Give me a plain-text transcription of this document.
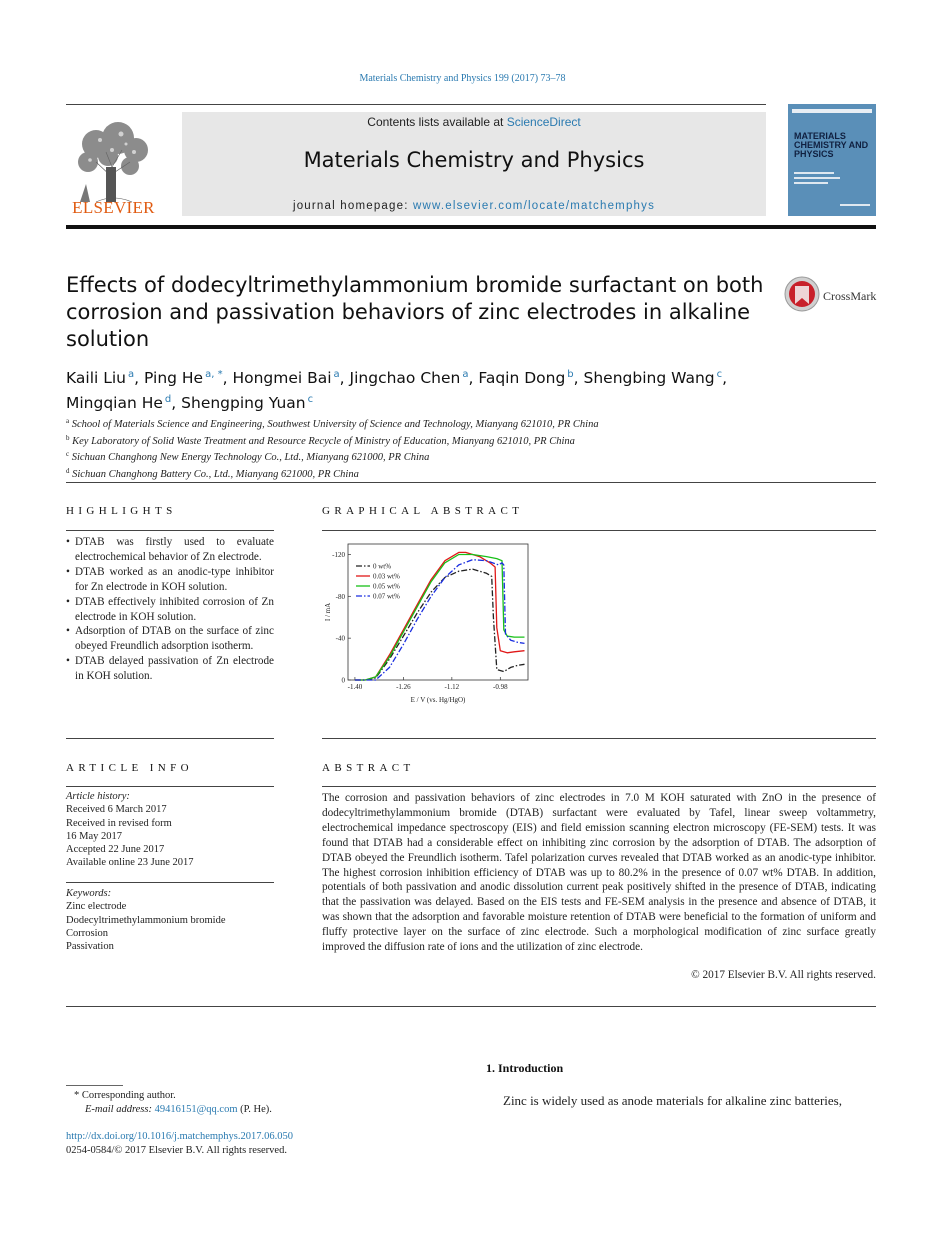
Materials Chemistry and Physics 199 (2017) 73–78
ELSEVIER
Contents lists available at ScienceDirect
Materials Chemistry and Physics
journal homepage: www.elsevier.com/locate/matchemphys
MATERIALS CHEMISTRY AND PHYSICS
Effects of dodecyltrimethylammonium bromide surfactant on both corrosion and passivation behaviors of zinc electrodes in alkaline solution
CrossMark
Kaili Liu $^a$, Ping He $^{a, *}$, Hongmei Bai $^a$, Jingchao Chen $^a$, Faqin Dong $^b$, Shengbing Wang $^c$,
Mingqian He $^d$, Shengping Yuan $^c$
$^a$ School of Materials Science and Engineering, Southwest University of Science and Technology, Mianyang 621010, PR China
$^b$ Key Laboratory of Solid Waste Treatment and Resource Recycle of Ministry of Education, Mianyang 621010, PR China
$^c$ Sichuan Changhong New Energy Technology Co., Ltd., Mianyang 621000, PR China
$^d$ Sichuan Changhong Battery Co., Ltd., Mianyang 621000, PR China
HIGHLIGHTS
• DTAB was firstly used to evaluate electrochemical behavior of Zn electrode.
• DTAB worked as an anodic-type inhibitor for Zn electrode in KOH solution.
• DTAB effectively inhibited corrosion of Zn electrode in KOH solution.
• Adsorption of DTAB on the surface of zinc obeyed Freundlich adsorption isotherm.
• DTAB delayed passivation of Zn electrode in KOH solution.
GRAPHICAL ABSTRACT
-1.40	-1.26	-1.12	-0.98
0
-40
-80
-120
E / V (vs. Hg/HgO)
I / mA
0 wt%
0.03 wt%
0.05 wt%
0.07 wt%
ARTICLE INFO
Article history:
Received 6 March 2017
Received in revised form
16 May 2017
Accepted 22 June 2017
Available online 23 June 2017
Keywords:
Zinc electrode
Dodecyltrimethylammonium bromide
Corrosion
Passivation
ABSTRACT

The corrosion and passivation behaviors of zinc electrodes in 7.0 M KOH saturated with ZnO in the presence of dodecyltrimethylammonium bromide (DTAB) surfactant were evaluated by Tafel, linear sweep voltammetry, electrochemical impedance spectroscopy (EIS) and field emission scanning electron microscopy (FE-SEM) tests. It was found that DTAB had a considerable effect on inhibiting zinc corrosion by the adsorption of DTAB. The adsorption of DTAB obeyed the Freundlich isotherm. Tafel polarization curves revealed that DTAB worked as an anodic-type inhibitor. The highest corrosion inhibition efficiency of DTAB was up to 80.2% in the presence of 0.07 wt% DTAB. In addition, potentials of both passivation and anodic dissolution current peak positively shifted in the presence of DTAB, indicating that the passivation was delayed. Based on the EIS tests and FE-SEM analysis in the presence and absence of DTAB, it was shown that the adsorption and favorable moisture retention of DTAB were beneficial to the formation of uniform and fluffy protective layer on the surface of zinc electrode. Such a morphological modification of zinc surface greatly improved the diffusion rate of ions and the utilization of zinc electrode.

© 2017 Elsevier B.V. All rights reserved.
1. Introduction
Zinc is widely used as anode materials for alkaline zinc batteries,
* Corresponding author.
E-mail address: 49416151@qq.com (P. He).
http://dx.doi.org/10.1016/j.matchemphys.2017.06.050
0254-0584/© 2017 Elsevier B.V. All rights reserved.
